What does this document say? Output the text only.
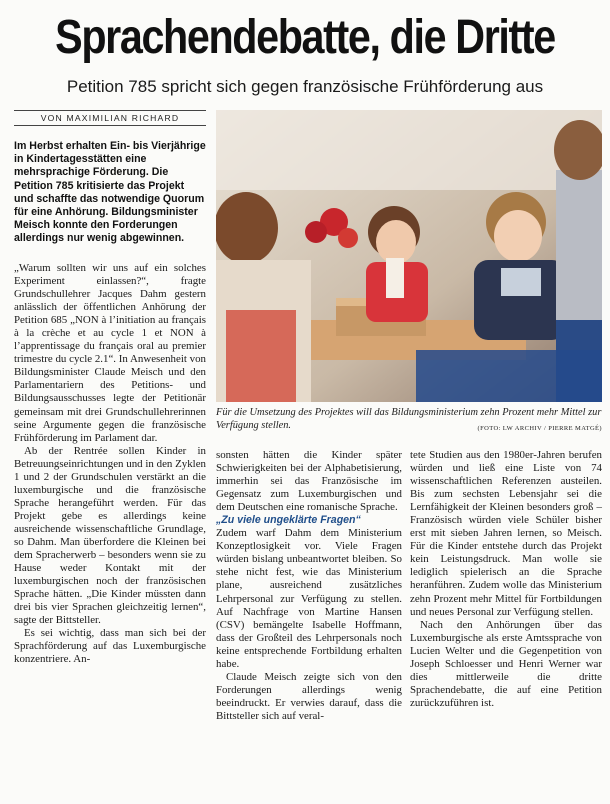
Sprachendebatte, die Dritte
Petition 785 spricht sich gegen französische Frühförderung aus
VON MAXIMILIAN RICHARD
Im Herbst erhalten Ein- bis Vierjährige in Kindertagesstätten eine mehrsprachige Förderung. Die Petition 785 kritisierte das Projekt und schaffte das notwendige Quorum für eine Anhörung. Bildungsminister Meisch konnte den Forderungen allerdings nur wenig abgewinnen.
Für die Umsetzung des Projektes will das Bildungsministerium zehn Prozent mehr Mittel zur Verfügung stellen.	(FOTO: LW ARCHIV / PIERRE MATGÉ)

„Warum sollten wir uns auf ein solches Experiment einlassen?“, fragte Grundschullehrer Jacques Dahm gestern anlässlich der öffentlichen Anhörung der Petition 685 „NON à l’initiation au français à la crèche et au cycle 1 et NON à l’apprentissage du français oral au premier trimestre du cycle 2.1“. In Anwesenheit von Bildungsminister Claude Meisch und den Parlamentariern des Petitions- und Bildungsausschusses legte der Petitionär gemeinsam mit drei Grundschullehrerinnen seine Argumente gegen die französische Frühförderung im Parlament dar.

Ab der Rentrée sollen Kinder in Betreuungseinrichtungen und in den Zyklen 1 und 2 der Grundschulen verstärkt an die luxemburgische und die französische Sprache herangeführt werden. Für das Projekt gebe es allerdings keine ausreichende wissenschaftliche Grundlage, so Dahm. Man überfordere die Kleinen bei dem Spracherwerb – besonders wenn sie zu Hause weder Kontakt mit der luxemburgischen noch der französischen Sprache hätten. „Die Kinder müssten dann drei bis vier Sprachen gleichzeitig lernen“, sagte der Bittsteller.

Es sei wichtig, dass man sich bei der Sprachförderung auf das Luxemburgische konzentriere. An-

sonsten hätten die Kinder später Schwierigkeiten bei der Alphabetisierung, immerhin sei das Französische im Gegensatz zum Luxemburgischen und dem Deutschen eine romanische Sprache.

„Zu viele ungeklärte Fragen“

Zudem warf Dahm dem Ministerium Konzeptlosigkeit vor. Viele Fragen würden bislang unbeantwortet bleiben. So stehe nicht fest, wie das Ministerium plane, ausreichend zusätzliches Lehrpersonal zur Verfügung zu stellen. Auf Nachfrage von Martine Hansen (CSV) bemängelte Isabelle Hoffmann, dass der Großteil des Lehrpersonals noch keine entsprechende Fortbildung erhalten habe.

Claude Meisch zeigte sich von den Forderungen allerdings wenig beeindruckt. Er verwies darauf, dass die Bittsteller sich auf veral-

tete Studien aus den 1980er-Jahren berufen würden und ließ eine Liste von 74 wissenschaftlichen Referenzen austeilen. Bis zum sechsten Lebensjahr sei die Lernfähigkeit der Kleinen besonders groß – Französisch würden viele Schüler bisher erst mit sieben Jahren lernen, so Meisch. Für die Kinder entstehe durch das Projekt kein Leistungsdruck. Man wolle sie lediglich spielerisch an die Sprache heranführen. Zudem wolle das Ministerium zehn Prozent mehr Mittel für Fortbildungen und neues Personal zur Verfügung stellen.

Nach den Anhörungen über das Luxemburgische als erste Amtssprache von Lucien Welter und die Gegenpetition von Joseph Schloesser und Henri Werner war dies mittlerweile die dritte Sprachendebatte, die auf eine Petition zurückzuführen ist.
